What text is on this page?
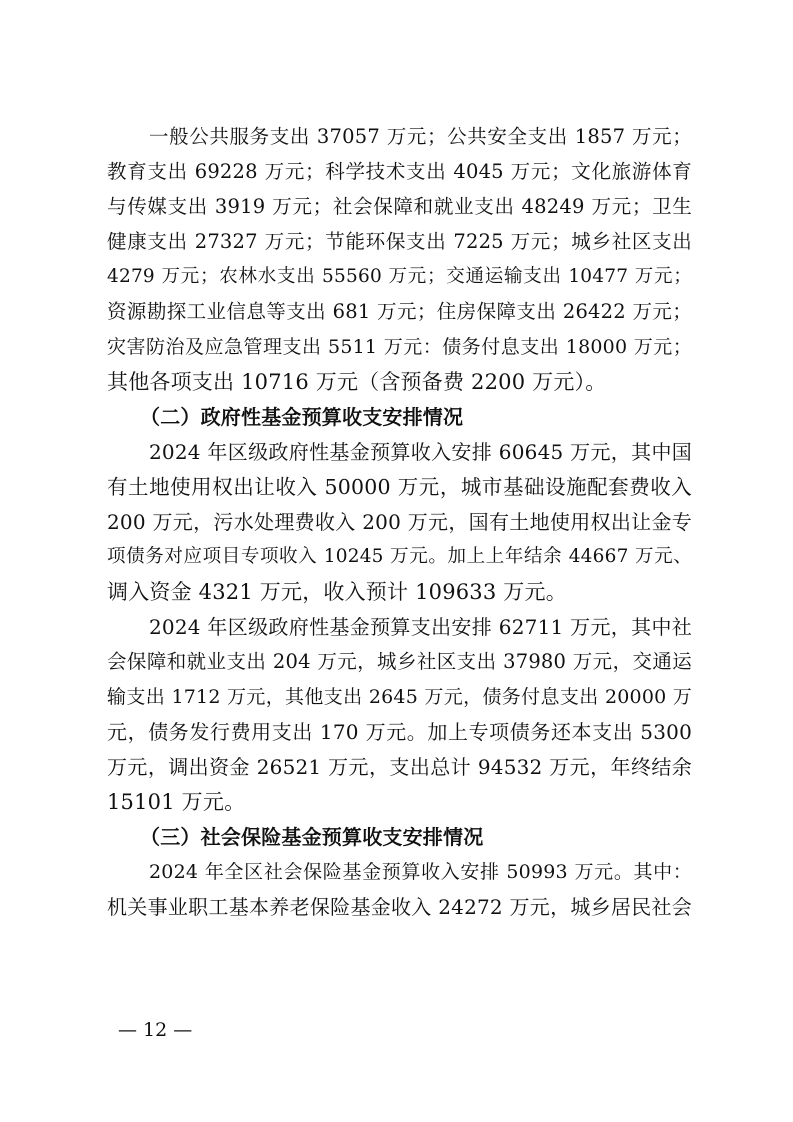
一般公共服务支出 37057 万元；公共安全支出 1857 万元；
教育支出 69228 万元；科学技术支出 4045 万元；文化旅游体育
与传媒支出 3919 万元；社会保障和就业支出 48249 万元；卫生
健康支出 27327 万元；节能环保支出 7225 万元；城乡社区支出
4279 万元；农林水支出 55560 万元；交通运输支出 10477 万元；
资源勘探工业信息等支出 681 万元；住房保障支出 26422 万元；
灾害防治及应急管理支出 5511 万元：债务付息支出 18000 万元；
其他各项支出 10716 万元（含预备费 2200 万元）。
（二）政府性基金预算收支安排情况
2024 年区级政府性基金预算收入安排 60645 万元，其中国
有土地使用权出让收入 50000 万元，城市基础设施配套费收入
200 万元，污水处理费收入 200 万元，国有土地使用权出让金专
项债务对应项目专项收入 10245 万元。加上上年结余 44667 万元、
调入资金 4321 万元，收入预计 109633 万元。
2024 年区级政府性基金预算支出安排 62711 万元，其中社
会保障和就业支出 204 万元，城乡社区支出 37980 万元，交通运
输支出 1712 万元，其他支出 2645 万元，债务付息支出 20000 万
元，债务发行费用支出 170 万元。加上专项债务还本支出 5300
万元，调出资金 26521 万元，支出总计 94532 万元，年终结余
15101 万元。
（三）社会保险基金预算收支安排情况
2024 年全区社会保险基金预算收入安排 50993 万元。其中：
机关事业职工基本养老保险基金收入 24272 万元，城乡居民社会
— 12 —
